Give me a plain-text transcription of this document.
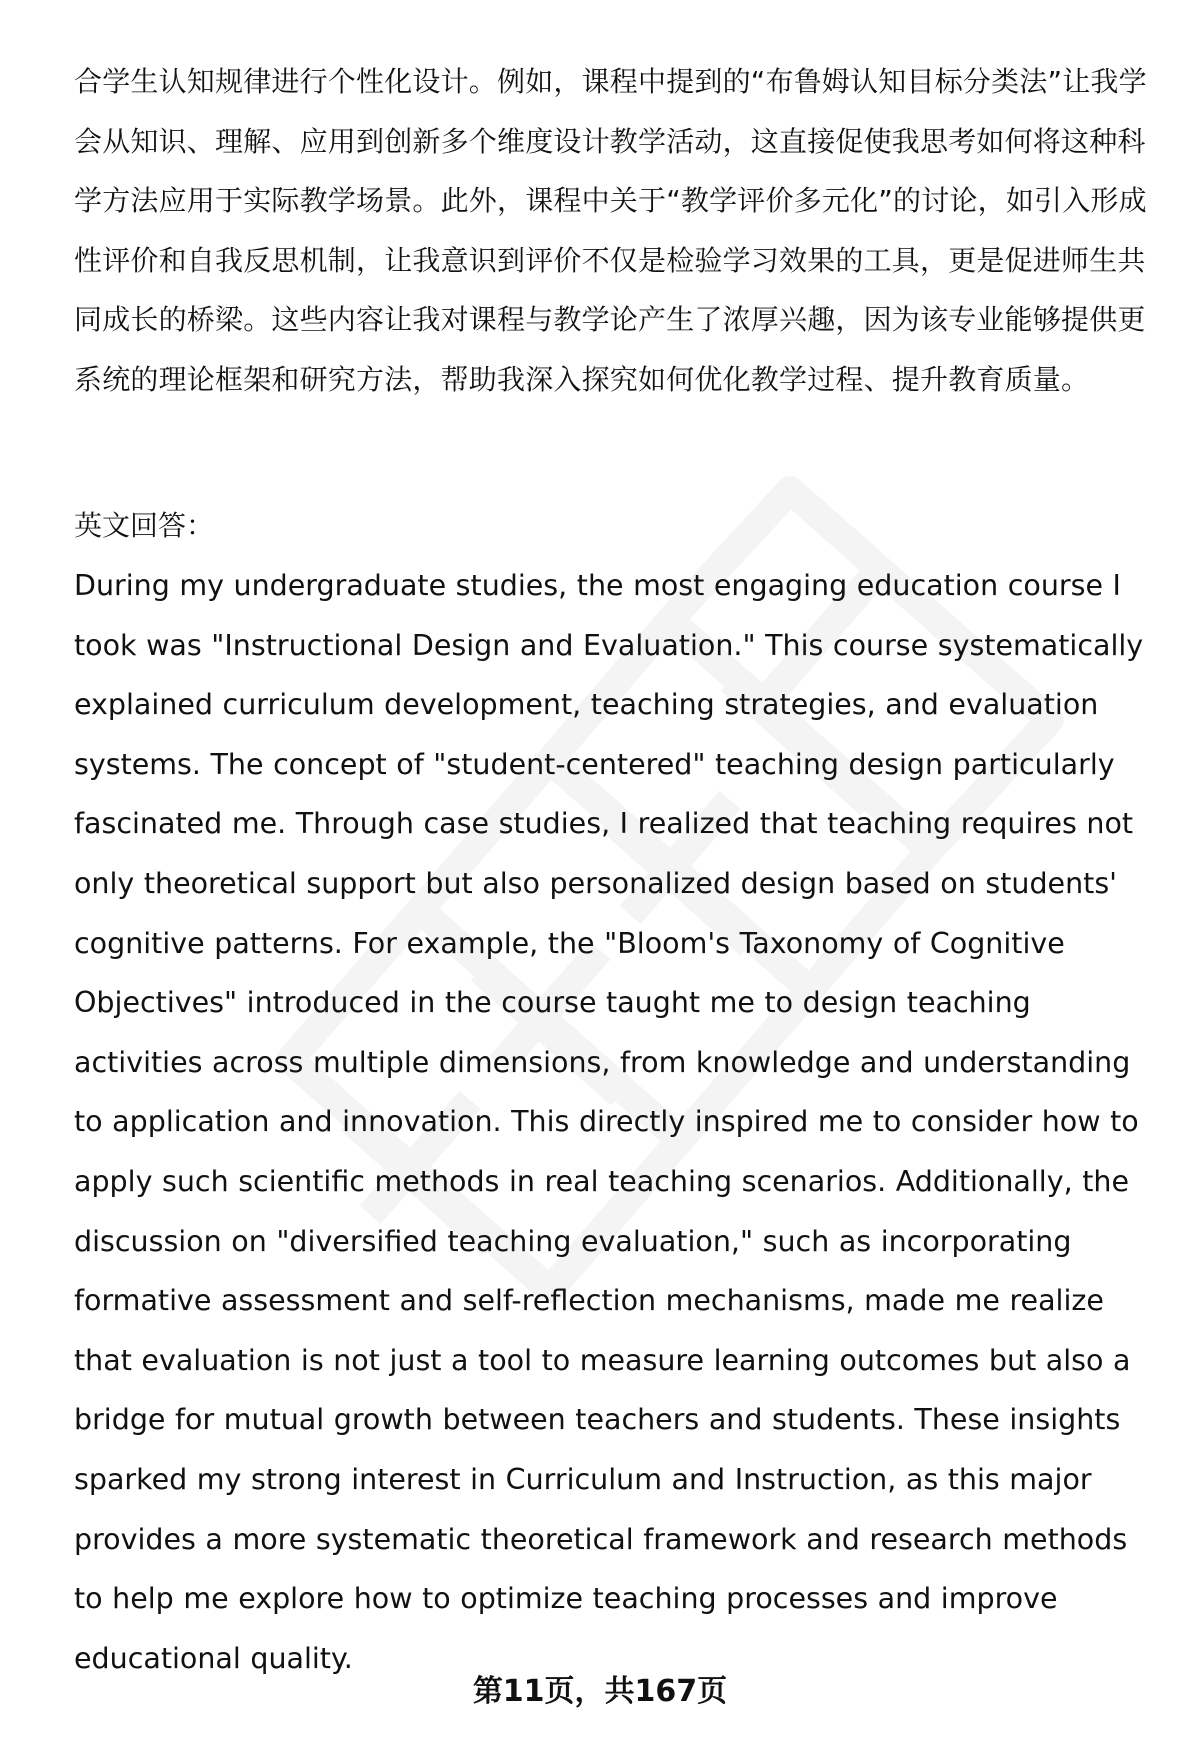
合学生认知规律进行个性化设计。例如，课程中提到的“布鲁姆认知目标分类法”让我学会从知识、理解、应用到创新多个维度设计教学活动，这直接促使我思考如何将这种科学方法应用于实际教学场景。此外，课程中关于“教学评价多元化”的讨论，如引入形成性评价和自我反思机制，让我意识到评价不仅是检验学习效果的工具，更是促进师生共同成长的桥梁。这些内容让我对课程与教学论产生了浓厚兴趣，因为该专业能够提供更系统的理论框架和研究方法，帮助我深入探究如何优化教学过程、提升教育质量。

英文回答：

During my undergraduate studies, the most engaging education course I took was "Instructional Design and Evaluation." This course systematically explained curriculum development, teaching strategies, and evaluation systems. The concept of "student-centered" teaching design particularly fascinated me. Through case studies, I realized that teaching requires not only theoretical support but also personalized design based on students' cognitive patterns. For example, the "Bloom's Taxonomy of Cognitive Objectives" introduced in the course taught me to design teaching activities across multiple dimensions, from knowledge and understanding to application and innovation. This directly inspired me to consider how to apply such scientific methods in real teaching scenarios. Additionally, the discussion on "diversified teaching evaluation," such as incorporating formative assessment and self-reflection mechanisms, made me realize that evaluation is not just a tool to measure learning outcomes but also a bridge for mutual growth between teachers and students. These insights sparked my strong interest in Curriculum and Instruction, as this major provides a more systematic theoretical framework and research methods to help me explore how to optimize teaching processes and improve educational quality.

第11页，共167页
